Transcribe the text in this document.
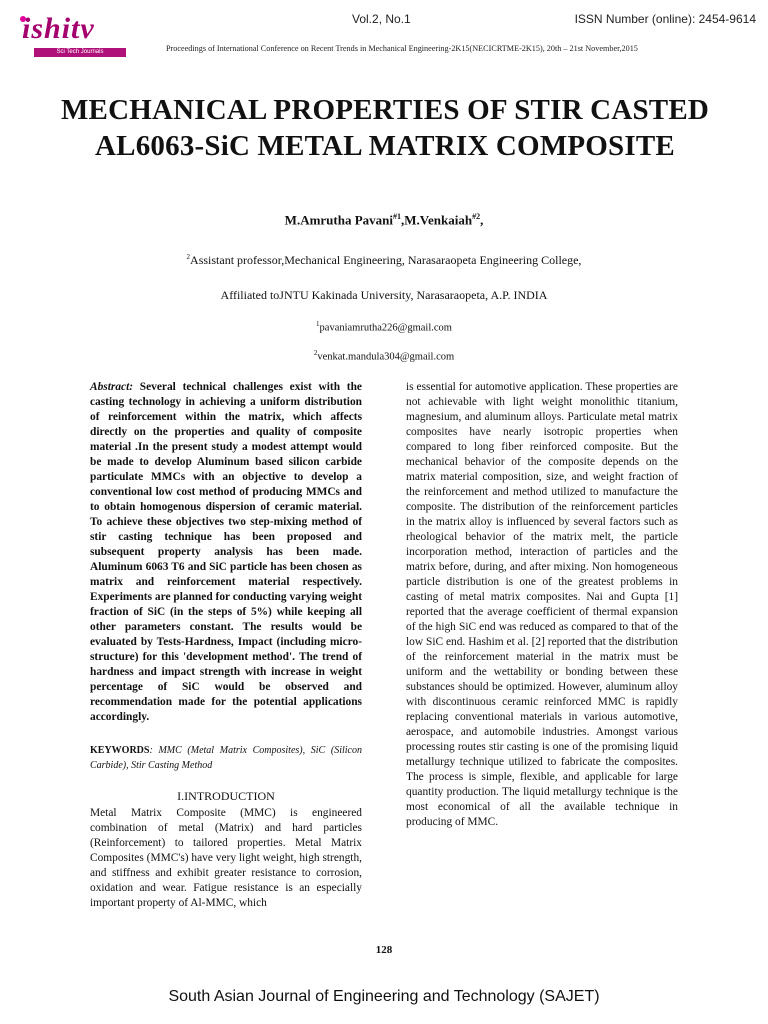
ishitv
Sci Tech Journals
Vol.2, No.1	ISSN Number (online): 2454-9614
Proceedings of International Conference on Recent Trends in Mechanical Engineering-2K15(NECICRTME-2K15), 20th – 21st November,2015
MECHANICAL PROPERTIES OF STIR CASTED AL6063-SiC METAL MATRIX COMPOSITE
M.Amrutha Pavani$^{\#1}$,M.Venkaiah$^{\#2}$,
$^2$Assistant professor,Mechanical Engineering, Narasaraopeta Engineering College,
Affiliated toJNTU Kakinada University, Narasaraopeta, A.P. INDIA
$^1$pavaniamrutha226@gmail.com
$^2$venkat.mandula304@gmail.com

Abstract: Several technical challenges exist with the casting technology in achieving a uniform distribution of reinforcement within the matrix, which affects directly on the properties and quality of composite material .In the present study a modest attempt would be made to develop Aluminum based silicon carbide particulate MMCs with an objective to develop a conventional low cost method of producing MMCs and to obtain homogenous dispersion of ceramic material. To achieve these objectives two step-mixing method of stir casting technique has been proposed and subsequent property analysis has been made. Aluminum 6063 T6 and SiC particle has been chosen as matrix and reinforcement material respectively. Experiments are planned for conducting varying weight fraction of SiC (in the steps of 5%) while keeping all other parameters constant. The results would be evaluated by Tests-Hardness, Impact (including micro-structure) for this 'development method'. The trend of hardness and impact strength with increase in weight percentage of SiC would be observed and recommendation made for the potential applications accordingly.

KEYWORDS: MMC (Metal Matrix Composites), SiC (Silicon Carbide), Stir Casting Method

I.INTRODUCTION

Metal Matrix Composite (MMC) is engineered combination of metal (Matrix) and hard particles (Reinforcement) to tailored properties. Metal Matrix Composites (MMC's) have very light weight, high strength, and stiffness and exhibit greater resistance to corrosion, oxidation and wear. Fatigue resistance is an especially important property of Al-MMC, which

is essential for automotive application. These properties are not achievable with light weight monolithic titanium, magnesium, and aluminum alloys. Particulate metal matrix composites have nearly isotropic properties when compared to long fiber reinforced composite. But the mechanical behavior of the composite depends on the matrix material composition, size, and weight fraction of the reinforcement and method utilized to manufacture the composite. The distribution of the reinforcement particles in the matrix alloy is influenced by several factors such as rheological behavior of the matrix melt, the particle incorporation method, interaction of particles and the matrix before, during, and after mixing. Non homogeneous particle distribution is one of the greatest problems in casting of metal matrix composites. Nai and Gupta [1] reported that the average coefficient of thermal expansion of the high SiC end was reduced as compared to that of the low SiC end. Hashim et al. [2] reported that the distribution of the reinforcement material in the matrix must be uniform and the wettability or bonding between these substances should be optimized. However, aluminum alloy with discontinuous ceramic reinforced MMC is rapidly replacing conventional materials in various automotive, aerospace, and automobile industries. Amongst various processing routes stir casting is one of the promising liquid metallurgy technique utilized to fabricate the composites. The process is simple, flexible, and applicable for large quantity production. The liquid metallurgy technique is the most economical of all the available technique in producing of MMC.

128
South Asian Journal of Engineering and Technology (SAJET)
